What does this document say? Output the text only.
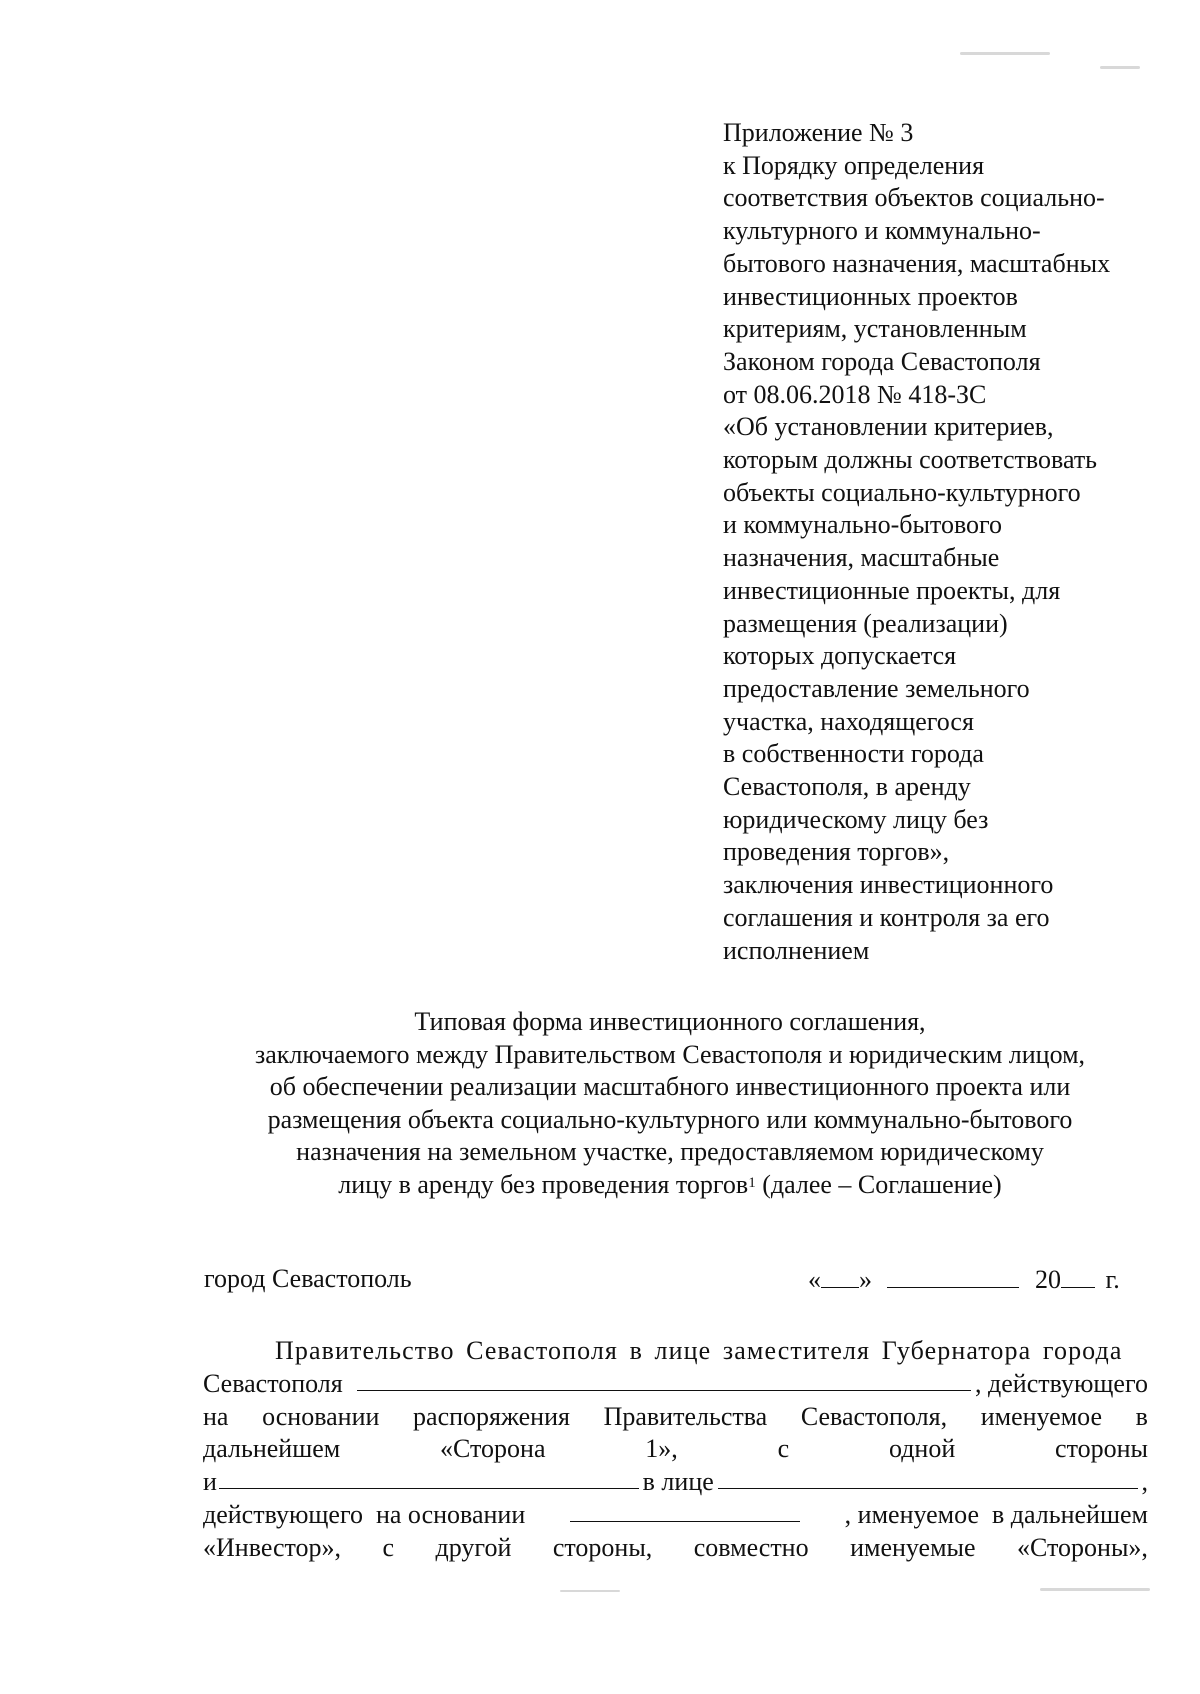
Приложение № 3
к Порядку определения
соответствия объектов социально-
культурного и коммунально-
бытового назначения, масштабных
инвестиционных проектов
критериям, установленным
Законом города Севастополя
от 08.06.2018 № 418-ЗС
«Об установлении критериев,
которым должны соответствовать
объекты социально-культурного
и коммунально-бытового
назначения, масштабные
инвестиционные проекты, для
размещения (реализации)
которых допускается
предоставление земельного
участка, находящегося
в собственности города
Севастополя, в аренду
юридическому лицу без
проведения торгов»,
заключения инвестиционного
соглашения и контроля за его
исполнением
Типовая форма инвестиционного соглашения,
заключаемого между Правительством Севастополя и юридическим лицом,
об обеспечении реализации масштабного инвестиционного проекта или
размещения объекта социально-культурного или коммунально-бытового
назначения на земельном участке, предоставляемом юридическому
лицу в аренду без проведения торгов$^1$ (далее – Соглашение)
город Севастополь	« »	20 г.
Правительство Севастополя в лице заместителя Губернатора города
Севастополя	, действующего
на основании распоряжения Правительства Севастополя, именуемое в
дальнейшем	«Сторона	1»,	с	одной	стороны
и	в лице	,
действующего  на основании	, именуемое  в дальнейшем
«Инвестор», с другой стороны, совместно именуемые «Стороны»,
